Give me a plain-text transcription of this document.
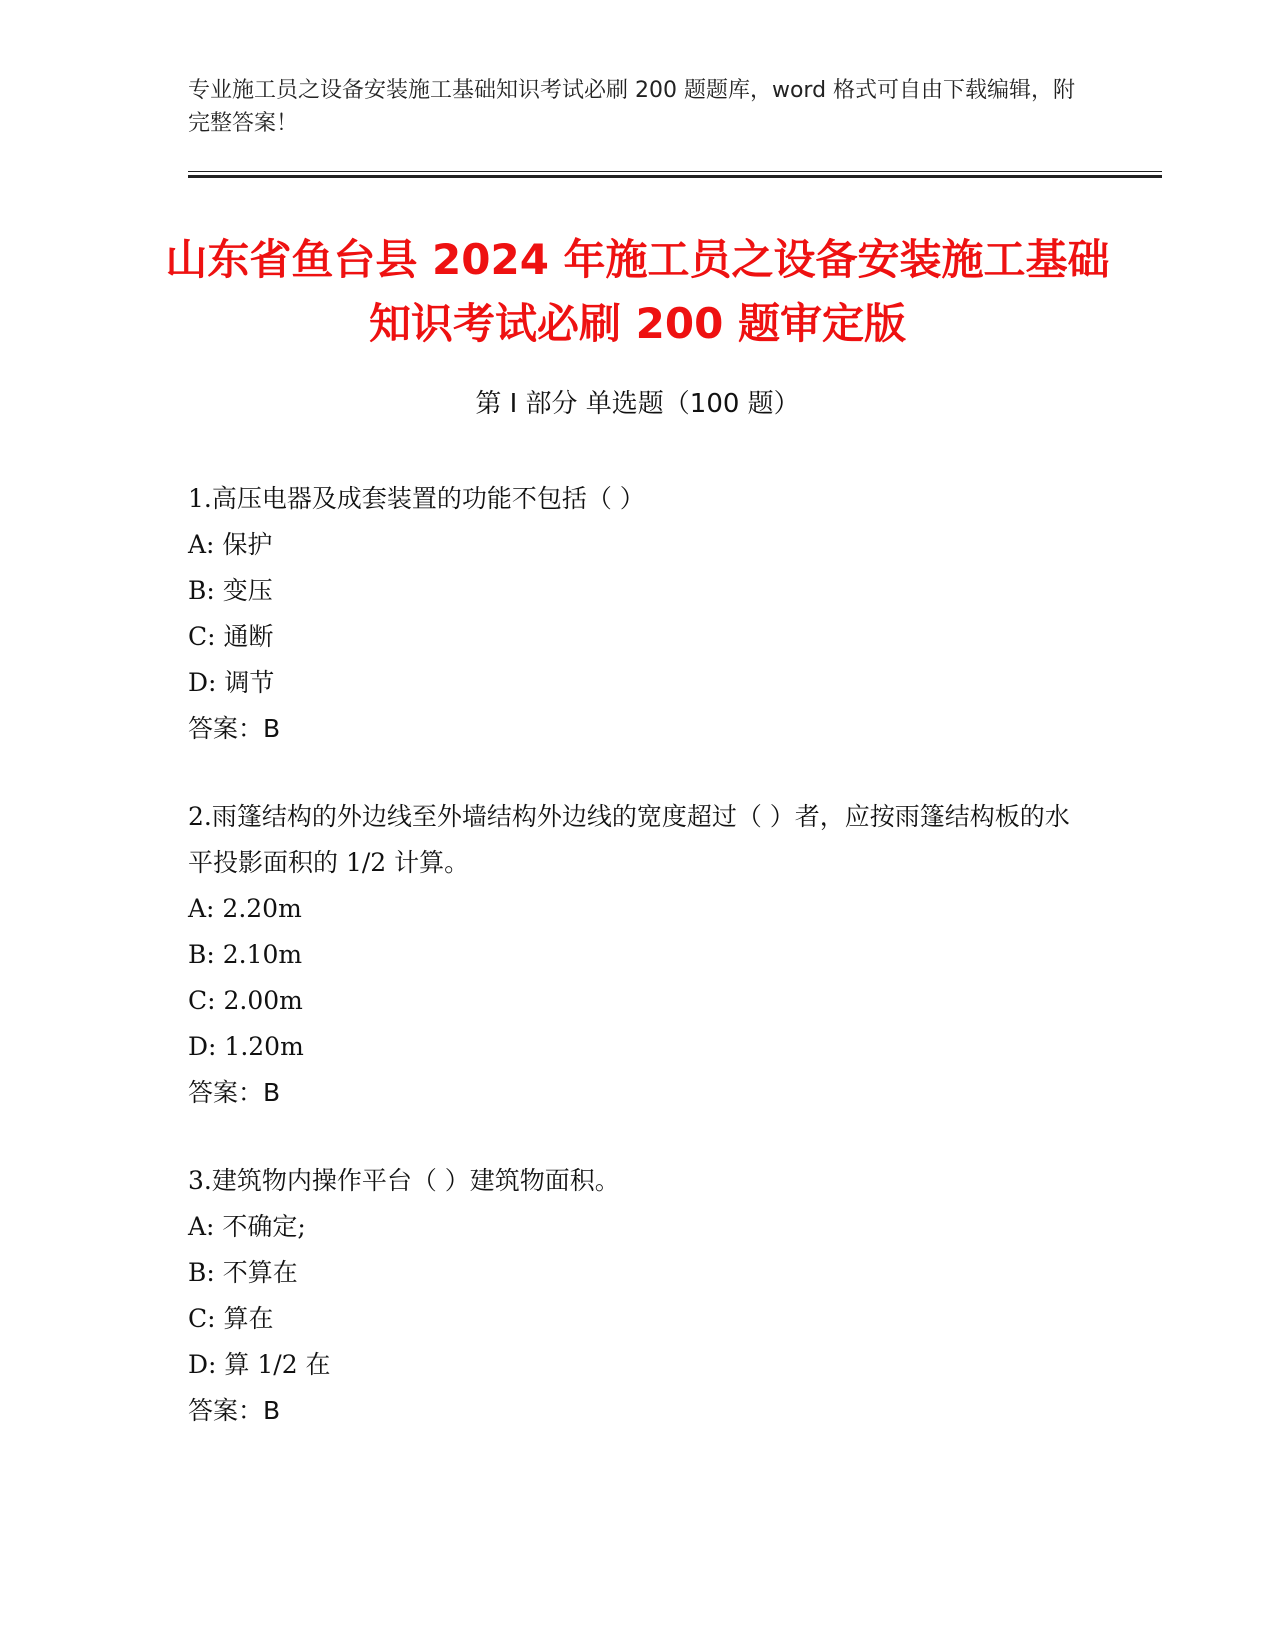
专业施工员之设备安装施工基础知识考试必刷 200 题题库，word 格式可自由下载编辑，附完整答案！
山东省鱼台县 2024 年施工员之设备安装施工基础知识考试必刷 200 题审定版
第 I 部分 单选题（100 题）
1.高压电器及成套装置的功能不包括（ ）
A: 保护
B: 变压
C: 通断
D: 调节
答案：B
2.雨篷结构的外边线至外墙结构外边线的宽度超过（ ）者，应按雨篷结构板的水平投影面积的 1/2 计算。
A: 2.20m
B: 2.10m
C: 2.00m
D: 1.20m
答案：B
3.建筑物内操作平台（ ）建筑物面积。
A: 不确定;
B: 不算在
C: 算在
D: 算 1/2 在
答案：B
